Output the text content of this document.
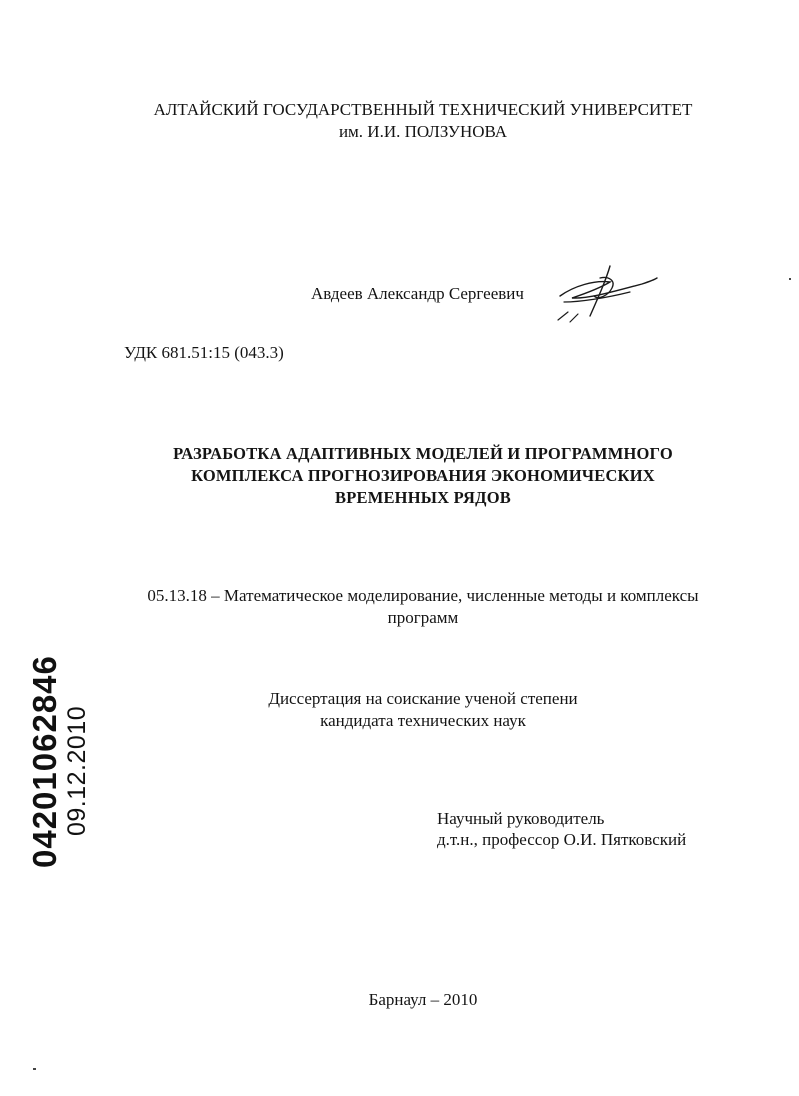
АЛТАЙСКИЙ ГОСУДАРСТВЕННЫЙ ТЕХНИЧЕСКИЙ УНИВЕРСИТЕТ
им. И.И. ПОЛЗУНОВА
Авдеев Александр Сергеевич
УДК 681.51:15 (043.3)
РАЗРАБОТКА АДАПТИВНЫХ МОДЕЛЕЙ И ПРОГРАММНОГО
КОМПЛЕКСА ПРОГНОЗИРОВАНИЯ ЭКОНОМИЧЕСКИХ
ВРЕМЕННЫХ РЯДОВ
05.13.18 – Математическое моделирование, численные методы и комплексы
программ
Диссертация на соискание ученой степени
кандидата технических наук
Научный руководитель
д.т.н., профессор О.И. Пятковский
Барнаул – 2010
04201062846 09.12.2010
